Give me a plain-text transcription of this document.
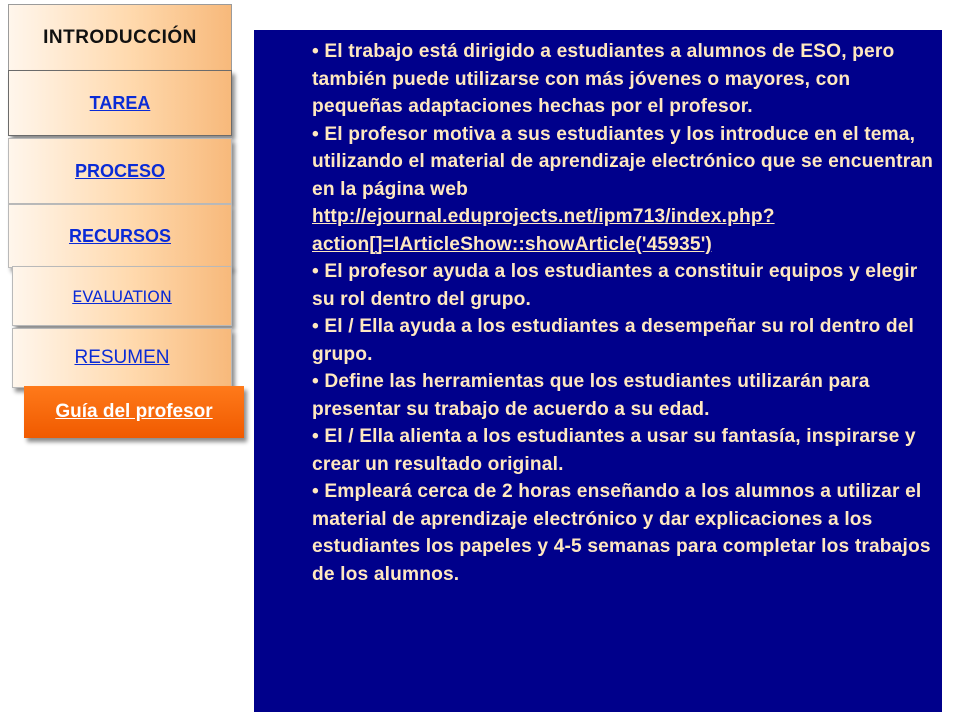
INTRODUCCIÓN
TAREA
PROCESO
RECURSOS
EVALUATION
RESUMEN
Guía del profesor

• El trabajo está dirigido a estudiantes a alumnos de ESO, pero también puede utilizarse con más jóvenes o mayores, con pequeñas adaptaciones hechas por el profesor.

• El profesor motiva a sus estudiantes y los introduce en el tema, utilizando el material de aprendizaje electrónico que se encuentran en la página web http://ejournal.eduprojects.net/ipm713/index.php?action[]=IArticleShow::showArticle('45935')

• El profesor ayuda a los estudiantes a constituir equipos y elegir su rol dentro del grupo.

• El / Ella ayuda a los estudiantes a desempeñar su rol dentro del grupo.

• Define las herramientas que los estudiantes utilizarán para presentar su trabajo de acuerdo a su edad.

• El / Ella alienta a los estudiantes a usar su fantasía, inspirarse y crear un resultado original.

• Empleará cerca de 2 horas enseñando a los alumnos a utilizar el material de aprendizaje electrónico y dar explicaciones a los estudiantes los papeles y 4-5 semanas para completar los trabajos de los alumnos.
